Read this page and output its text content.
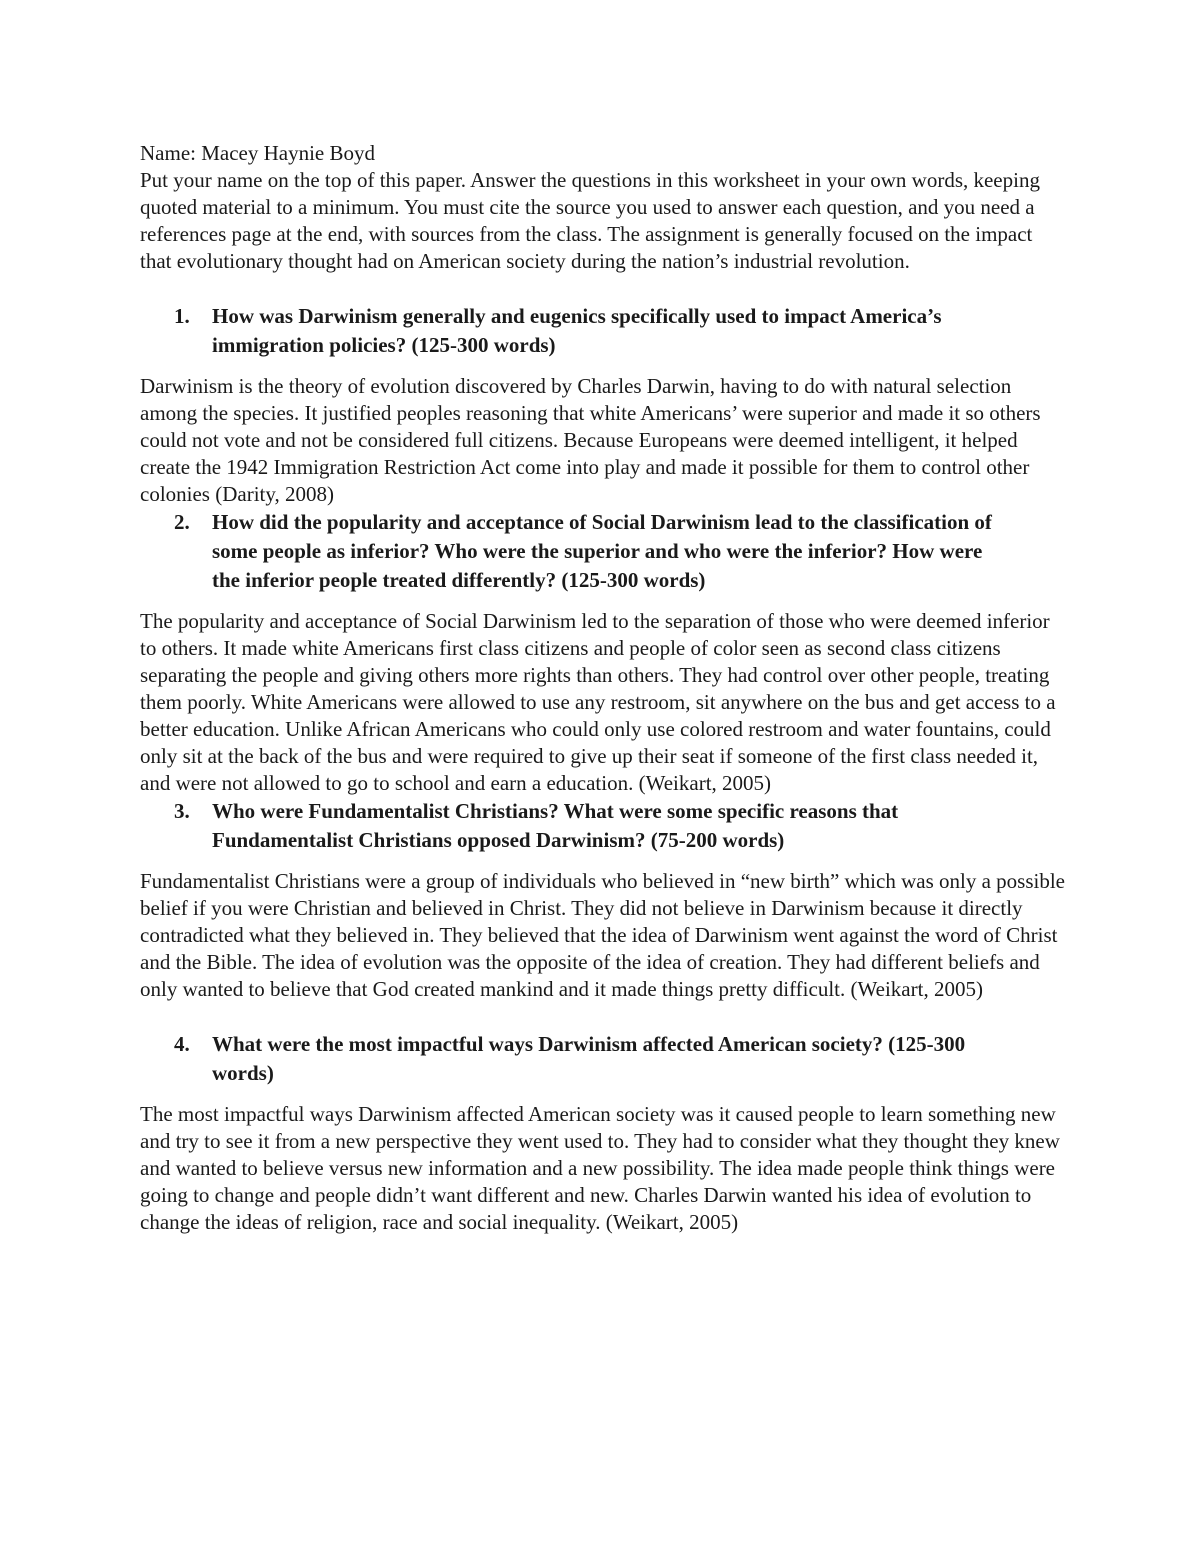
Name: Macey Haynie Boyd

Put your name on the top of this paper. Answer the questions in this worksheet in your own words, keeping quoted material to a minimum. You must cite the source you used to answer each question, and you need a references page at the end, with sources from the class. The assignment is generally focused on the impact that evolutionary thought had on American society during the nation’s industrial revolution.

1.	How was Darwinism generally and eugenics specifically used to impact America’s immigration policies? (125-300 words)

Darwinism is the theory of evolution discovered by Charles Darwin, having to do with natural selection among the species. It justified peoples reasoning that white Americans’ were superior and made it so others could not vote and not be considered full citizens. Because Europeans were deemed intelligent, it helped create the 1942 Immigration Restriction Act come into play and made it possible for them to control other colonies (Darity, 2008)

2.	How did the popularity and acceptance of Social Darwinism lead to the classification of some people as inferior? Who were the superior and who were the inferior? How were the inferior people treated differently? (125-300 words)

The popularity and acceptance of Social Darwinism led to the separation of those who were deemed inferior to others. It made white Americans first class citizens and people of color seen as second class citizens separating the people and giving others more rights than others. They had control over other people, treating them poorly. White Americans were allowed to use any restroom, sit anywhere on the bus and get access to a better education. Unlike African Americans who could only use colored restroom and water fountains, could only sit at the back of the bus and were required to give up their seat if someone of the first class needed it, and were not allowed to go to school and earn a education. (Weikart, 2005)

3.	Who were Fundamentalist Christians? What were some specific reasons that Fundamentalist Christians opposed Darwinism? (75-200 words)

Fundamentalist Christians were a group of individuals who believed in “new birth” which was only a possible belief if you were Christian and believed in Christ. They did not believe in Darwinism because it directly contradicted what they believed in. They believed that the idea of Darwinism went against the word of Christ and the Bible. The idea of evolution was the opposite of the idea of creation. They had different beliefs and only wanted to believe that God created mankind and it made things pretty difficult. (Weikart, 2005)

4.	What were the most impactful ways Darwinism affected American society? (125-300 words)

The most impactful ways Darwinism affected American society was it caused people to learn something new and try to see it from a new perspective they went used to. They had to consider what they thought they knew and wanted to believe versus new information and a new possibility. The idea made people think things were going to change and people didn’t want different and new. Charles Darwin wanted his idea of evolution to change the ideas of religion, race and social inequality. (Weikart, 2005)
